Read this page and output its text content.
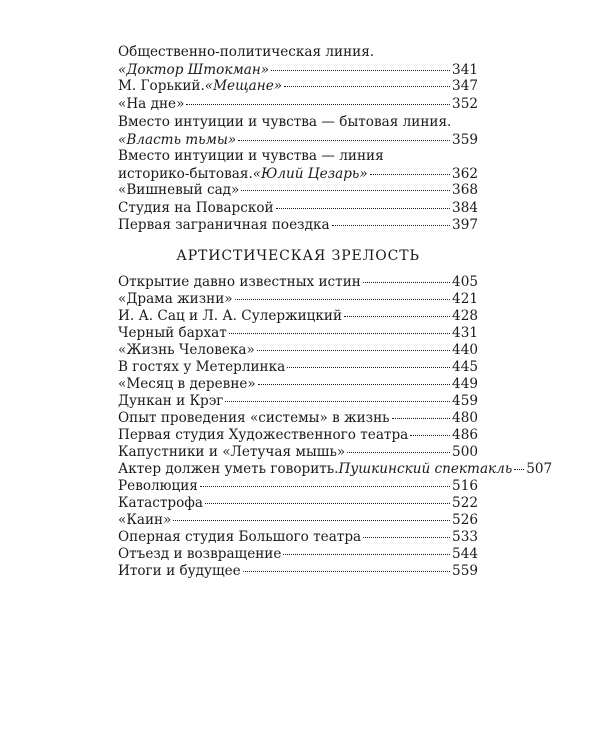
Общественно-политическая линия.
«Доктор Штокман»	341
М. Горький. «Мещане»	347
«На дне»	352
Вместо интуиции и чувства — бытовая линия.
«Власть тьмы»	359
Вместо интуиции и чувства — линия
историко-бытовая. «Юлий Цезарь»	362
«Вишневый сад»	368
Студия на Поварской	384
Первая заграничная поездка	397
АРТИСТИЧЕСКАЯ ЗРЕЛОСТЬ
Открытие давно известных истин	405
«Драма жизни»	421
И. А. Сац и Л. А. Сулержицкий	428
Черный бархат	431
«Жизнь Человека»	440
В гостях у Метерлинка	445
«Месяц в деревне»	449
Дункан и Крэг	459
Опыт проведения «системы» в жизнь	480
Первая студия Художественного театра	486
Капустники и «Летучая мышь»	500
Актер должен уметь говорить. Пушкинский спектакль 507
Революция	516
Катастрофа	522
«Каин»	526
Оперная студия Большого театра	533
Отъезд и возвращение	544
Итоги и будущее	559
